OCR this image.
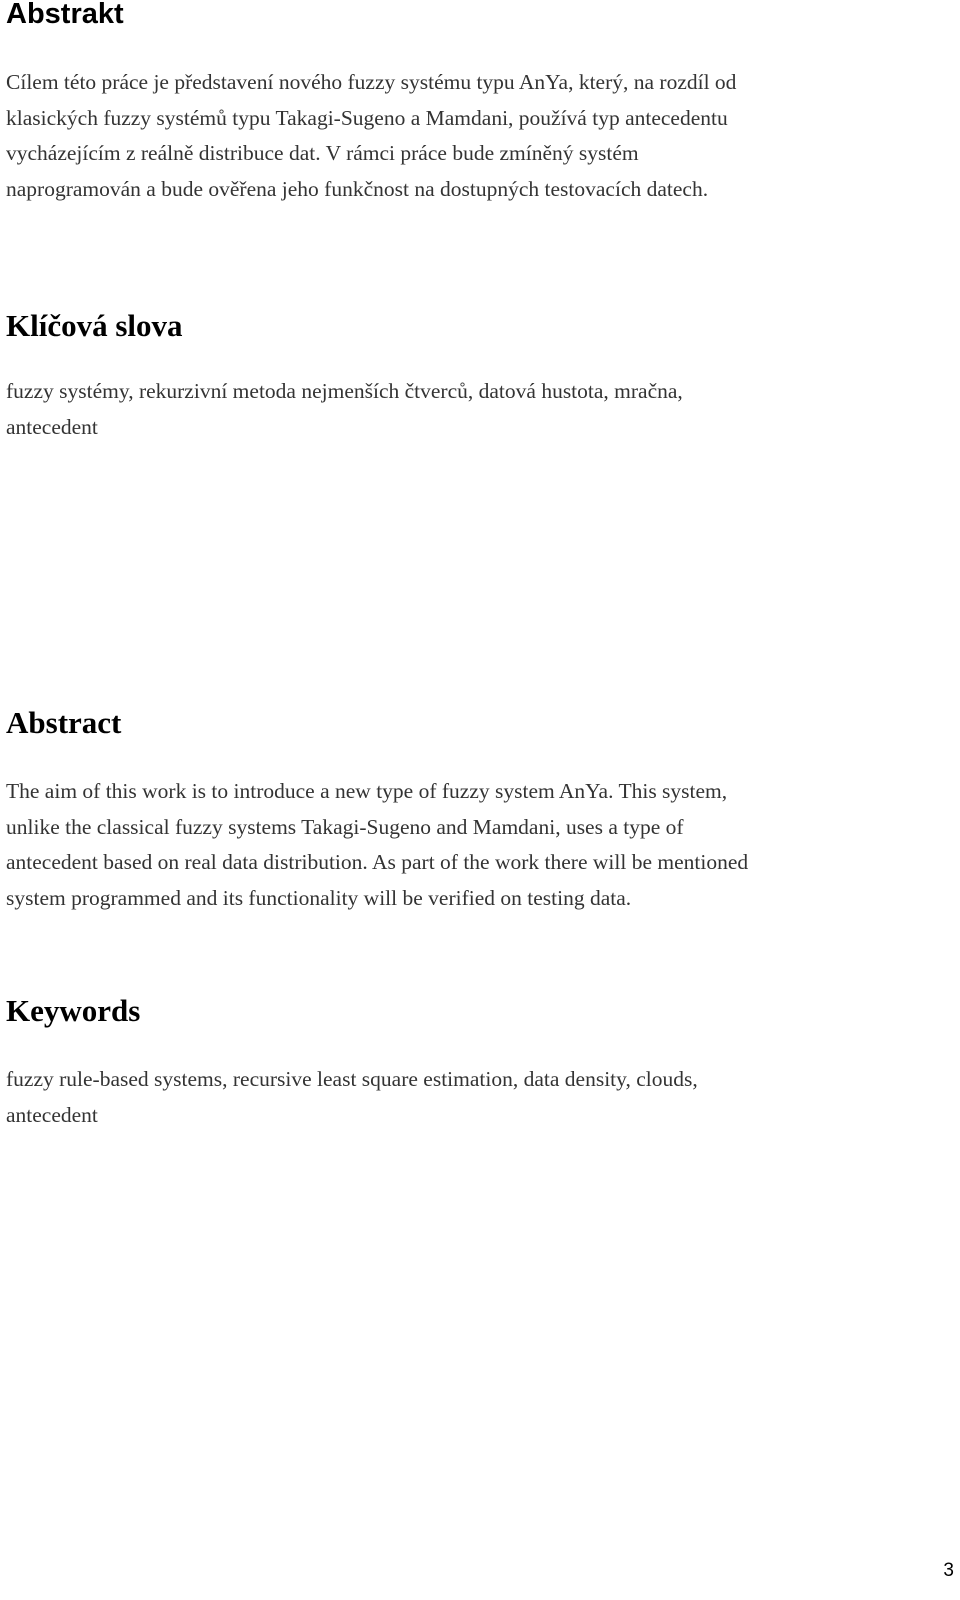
Abstrakt

Cílem této práce je představení nového fuzzy systému typu AnYa, který, na rozdíl od
klasických fuzzy systémů typu Takagi-Sugeno a Mamdani, používá typ antecedentu
vycházejícím z reálně distribuce dat. V rámci práce bude zmíněný systém
naprogramován a bude ověřena jeho funkčnost na dostupných testovacích datech.

Klíčová slova

fuzzy systémy, rekurzivní metoda nejmenších čtverců, datová hustota, mračna,
antecedent

Abstract

The aim of this work is to introduce a new type of fuzzy system AnYa. This system,
unlike the classical fuzzy systems Takagi-Sugeno and Mamdani, uses a type of
antecedent based on real data distribution. As part of the work there will be mentioned
system programmed and its functionality will be verified on testing data.

Keywords

fuzzy rule-based systems, recursive least square estimation, data density, clouds,
antecedent

3
